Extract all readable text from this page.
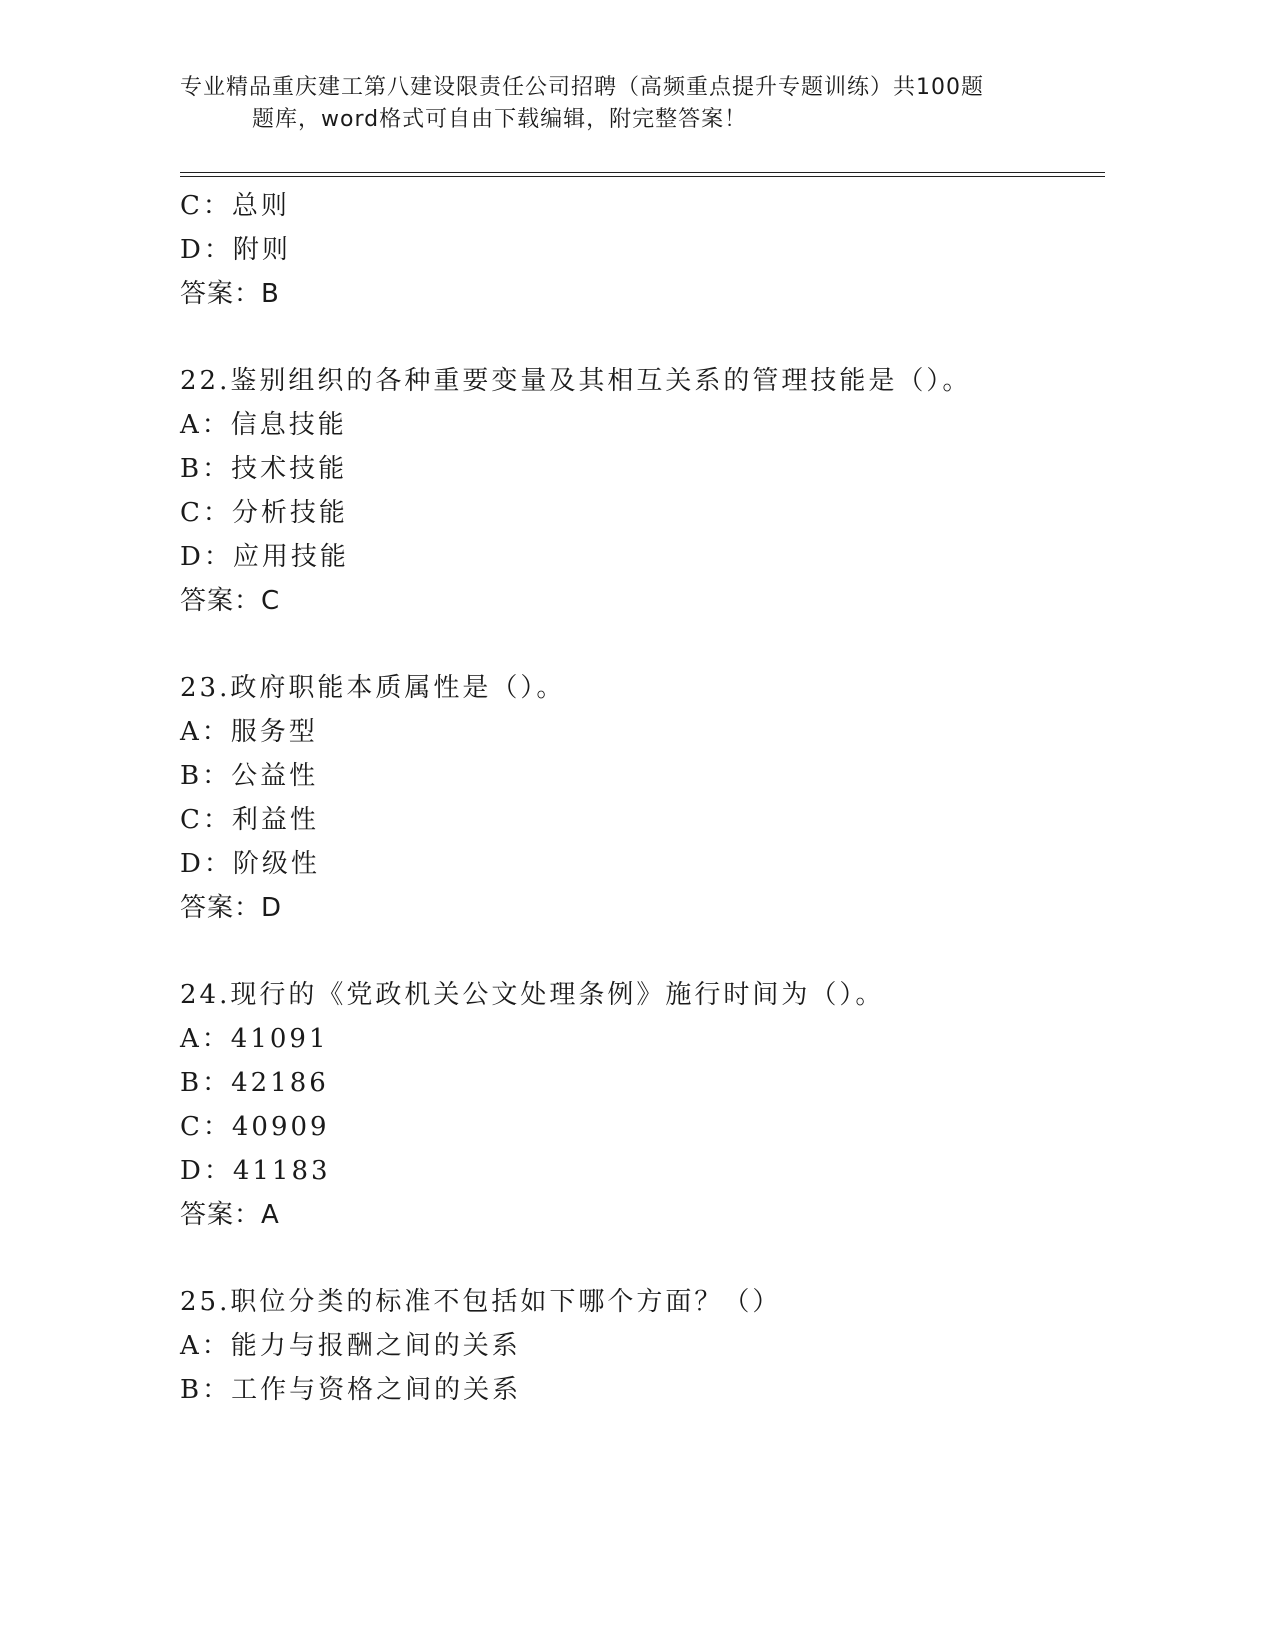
专业精品重庆建工第八建设限责任公司招聘（高频重点提升专题训练）共100题
题库，word格式可自由下载编辑，附完整答案！
C：总则
D：附则
答案：B
22.鉴别组织的各种重要变量及其相互关系的管理技能是（）。
A：信息技能
B：技术技能
C：分析技能
D：应用技能
答案：C
23.政府职能本质属性是（）。
A：服务型
B：公益性
C：利益性
D：阶级性
答案：D
24.现行的《党政机关公文处理条例》施行时间为（）。
A：41091
B：42186
C：40909
D：41183
答案：A
25.职位分类的标准不包括如下哪个方面？（）
A：能力与报酬之间的关系
B：工作与资格之间的关系
